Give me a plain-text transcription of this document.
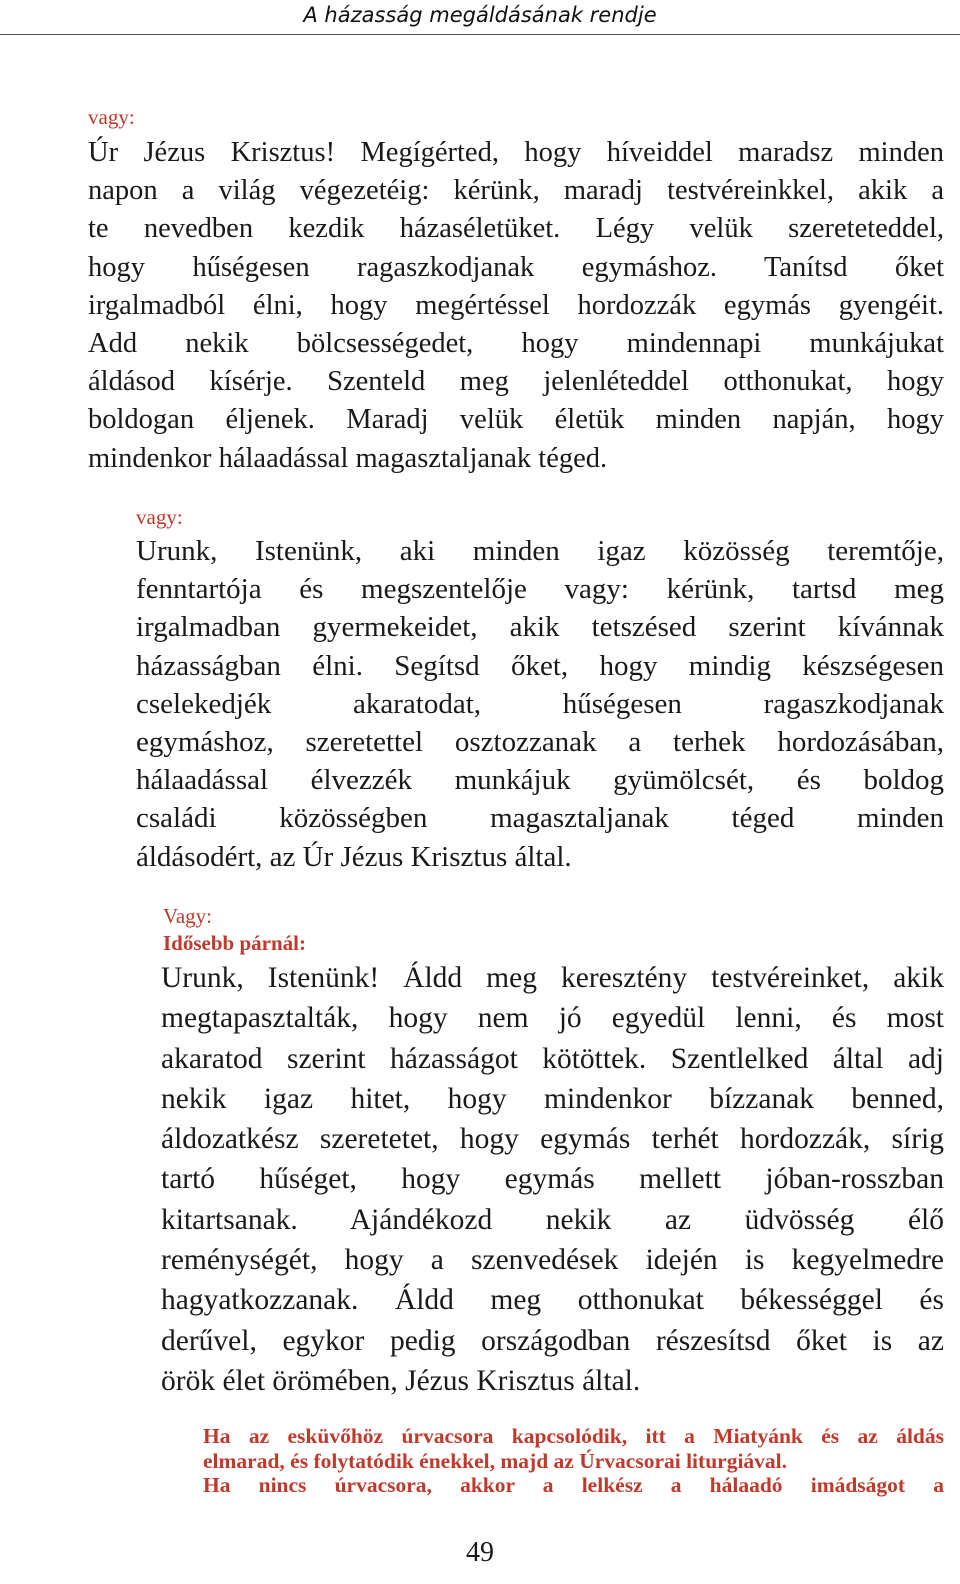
A házasság megáldásának rendje
vagy:
Úr Jézus Krisztus! Megígérted, hogy híveiddel maradsz minden
napon a világ végezetéig: kérünk, maradj testvéreinkkel, akik a
te nevedben kezdik házaséletüket. Légy velük szereteteddel,
hogy hűségesen ragaszkodjanak egymáshoz. Tanítsd őket
irgalmadból élni, hogy megértéssel hordozzák egymás gyengéit.
Add nekik bölcsességedet, hogy mindennapi munkájukat
áldásod kísérje. Szenteld meg jelenléteddel otthonukat, hogy
boldogan éljenek. Maradj velük életük minden napján, hogy
mindenkor hálaadással magasztaljanak téged.
vagy:
Urunk, Istenünk, aki minden igaz közösség teremtője,
fenntartója és megszentelője vagy: kérünk, tartsd meg
irgalmadban gyermekeidet, akik tetszésed szerint kívánnak
házasságban élni. Segítsd őket, hogy mindig készségesen
cselekedjék akaratodat, hűségesen ragaszkodjanak
egymáshoz, szeretettel osztozzanak a terhek hordozásában,
hálaadással élvezzék munkájuk gyümölcsét, és boldog
családi közösségben magasztaljanak téged minden
áldásodért, az Úr Jézus Krisztus által.
Vagy:
Idősebb párnál:
Urunk, Istenünk! Áldd meg keresztény testvéreinket, akik
megtapasztalták, hogy nem jó egyedül lenni, és most
akaratod szerint házasságot kötöttek. Szentlelked által adj
nekik igaz hitet, hogy mindenkor bízzanak benned,
áldozatkész szeretetet, hogy egymás terhét hordozzák, sírig
tartó hűséget, hogy egymás mellett jóban-rosszban
kitartsanak. Ajándékozd nekik az üdvösség élő
reménységét, hogy a szenvedések idején is kegyelmedre
hagyatkozzanak. Áldd meg otthonukat békességgel és
derűvel, egykor pedig országodban részesítsd őket is az
örök élet örömében, Jézus Krisztus által.
Ha az esküvőhöz úrvacsora kapcsolódik, itt a Miatyánk és az áldás
elmarad, és folytatódik énekkel, majd az Úrvacsorai liturgiával.
Ha nincs úrvacsora, akkor a lelkész a hálaadó imádságot a
49
